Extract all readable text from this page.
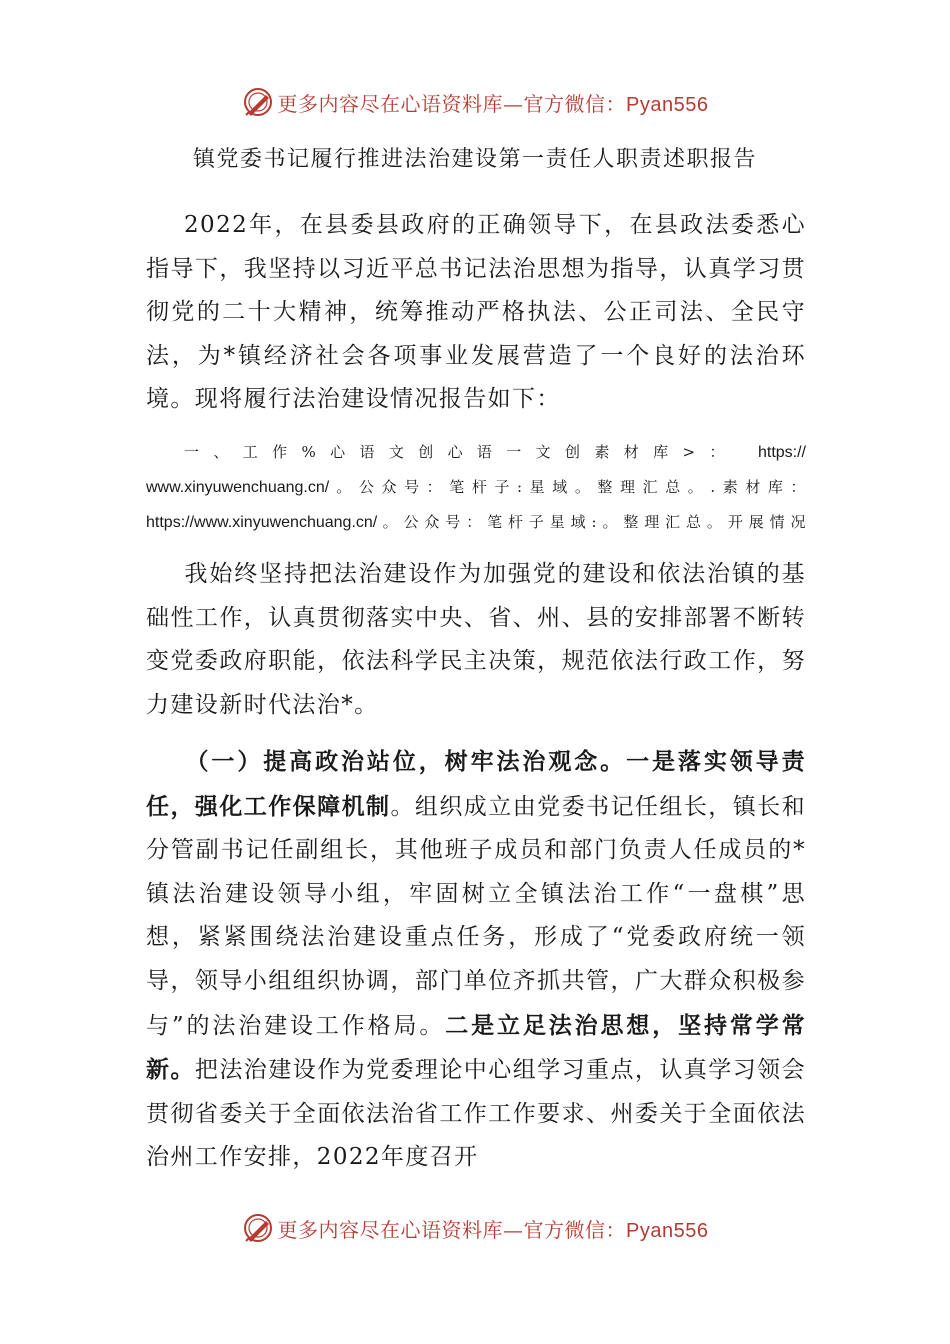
更多内容尽在心语资料库—官方微信：Pyan556
镇党委书记履行推进法治建设第一责任人职责述职报告
2022年，在县委县政府的正确领导下，在县政法委悉心指导下，我坚持以习近平总书记法治思想为指导，认真学习贯彻党的二十大精神，统筹推动严格执法、公正司法、全民守法，为*镇经济社会各项事业发展营造了一个良好的法治环境。现将履行法治建设情况报告如下：
一、工作%心语文创心语一文创素材库>： https://
www.xinyuwenchuang.cn/。公众号：笔杆子:星域。整理汇总。.素材库：
https://www.xinyuwenchuang.cn/。公众号：笔杆子星域:。整理汇总。开展情况
我始终坚持把法治建设作为加强党的建设和依法治镇的基础性工作，认真贯彻落实中央、省、州、县的安排部署不断转变党委政府职能，依法科学民主决策，规范依法行政工作，努力建设新时代法治*。
（一）提高政治站位，树牢法治观念。一是落实领导责任，强化工作保障机制。组织成立由党委书记任组长，镇长和分管副书记任副组长，其他班子成员和部门负责人任成员的*镇法治建设领导小组，牢固树立全镇法治工作“一盘棋”思想，紧紧围绕法治建设重点任务，形成了“党委政府统一领导，领导小组组织协调，部门单位齐抓共管，广大群众积极参与”的法治建设工作格局。二是立足法治思想，坚持常学常新。把法治建设作为党委理论中心组学习重点，认真学习领会贯彻省委关于全面依法治省工作工作要求、州委关于全面依法治州工作安排，2022年度召开
更多内容尽在心语资料库—官方微信：Pyan556
